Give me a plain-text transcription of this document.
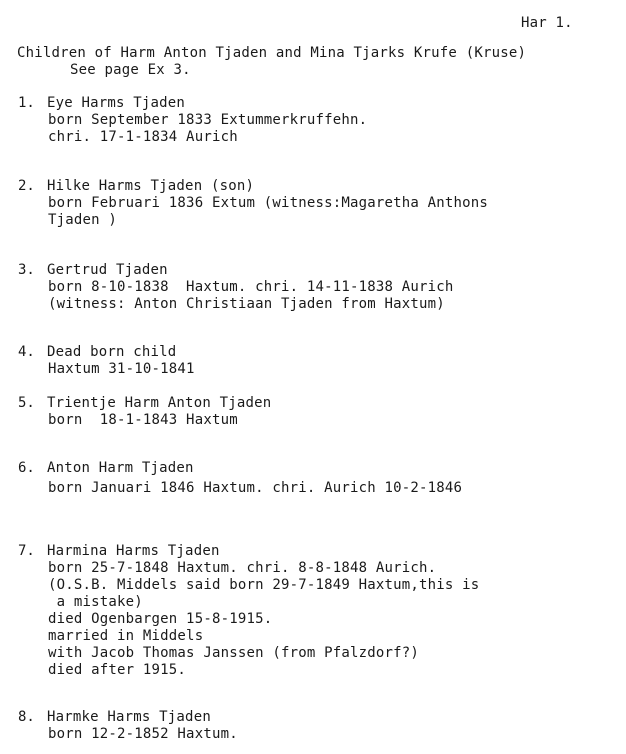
Har 1.
Children of Harm Anton Tjaden and Mina Tjarks Krufe (Kruse)
See page Ex 3.
1. Eye Harms Tjaden
born September 1833 Extummerkruffehn.
chri. 17-1-1834 Aurich
2. Hilke Harms Tjaden (son)
born Februari 1836 Extum (witness:Magaretha Anthons
Tjaden )
3. Gertrud Tjaden
born 8-10-1838  Haxtum. chri. 14-11-1838 Aurich
(witness: Anton Christiaan Tjaden from Haxtum)
4. Dead born child
Haxtum 31-10-1841
5. Trientje Harm Anton Tjaden
born  18-1-1843 Haxtum
6. Anton Harm Tjaden
born Januari 1846 Haxtum. chri. Aurich 10-2-1846
7. Harmina Harms Tjaden
born 25-7-1848 Haxtum. chri. 8-8-1848 Aurich.
(O.S.B. Middels said born 29-7-1849 Haxtum,this is
a mistake)
died Ogenbargen 15-8-1915.
married in Middels
with Jacob Thomas Janssen (from Pfalzdorf?)
died after 1915.
8. Harmke Harms Tjaden
born 12-2-1852 Haxtum.
